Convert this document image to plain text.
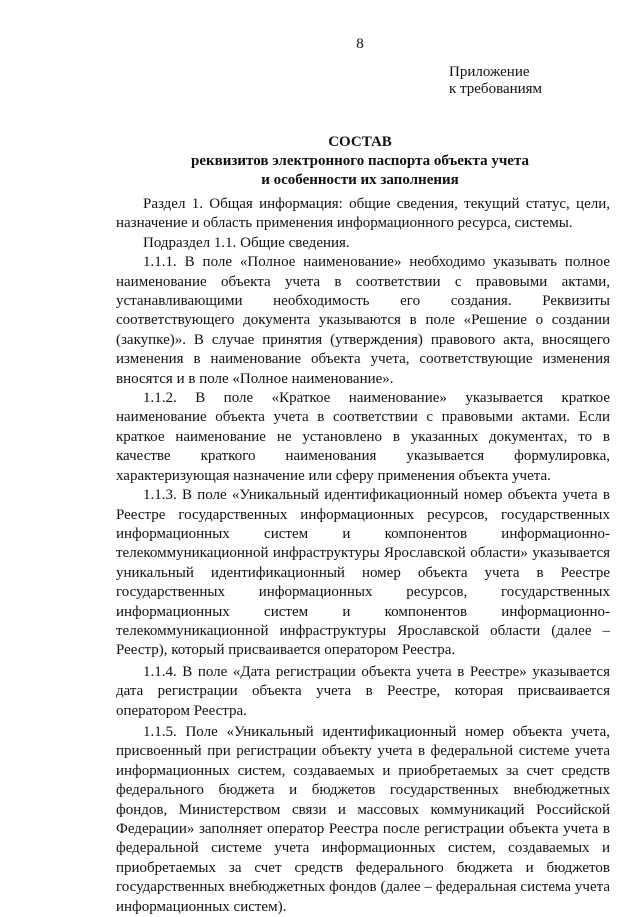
8
Приложение
к требованиям
СОСТАВ
реквизитов электронного паспорта объекта учета
и особенности их заполнения

Раздел 1. Общая информация: общие сведения, текущий статус, цели, назначение и область применения информационного ресурса, системы.

Подраздел 1.1. Общие сведения.

1.1.1. В поле «Полное наименование» необходимо указывать полное наименование объекта учета в соответствии с правовыми актами, устанавливающими необходимость его создания. Реквизиты соответствующего документа указываются в поле «Решение о создании (закупке)». В случае принятия (утверждения) правового акта, вносящего изменения в наименование объекта учета, соответствующие изменения вносятся и в поле «Полное наименование».

1.1.2. В поле «Краткое наименование» указывается краткое наименование объекта учета в соответствии с правовыми актами. Если краткое наименование не установлено в указанных документах, то в качестве краткого наименования указывается формулировка, характеризующая назначение или сферу применения объекта учета.

1.1.3. В поле «Уникальный идентификационный номер объекта учета в Реестре государственных информационных ресурсов, государственных информационных систем и компонентов информационно-телекоммуникационной инфраструктуры Ярославской области» указывается уникальный идентификационный номер объекта учета в Реестре государственных информационных ресурсов, государственных информационных систем и компонентов информационно-телекоммуникационной инфраструктуры Ярославской области (далее – Реестр), который присваивается оператором Реестра.

1.1.4. В поле «Дата регистрации объекта учета в Реестре» указывается дата регистрации объекта учета в Реестре, которая присваивается оператором Реестра.

1.1.5. Поле «Уникальный идентификационный номер объекта учета, присвоенный при регистрации объекту учета в федеральной системе учета информационных систем, создаваемых и приобретаемых за счет средств федерального бюджета и бюджетов государственных внебюджетных фондов, Министерством связи и массовых коммуникаций Российской Федерации» заполняет оператор Реестра после регистрации объекта учета в федеральной системе учета информационных систем, создаваемых и приобретаемых за счет средств федерального бюджета и бюджетов государственных внебюджетных фондов (далее – федеральная система учета информационных систем).
